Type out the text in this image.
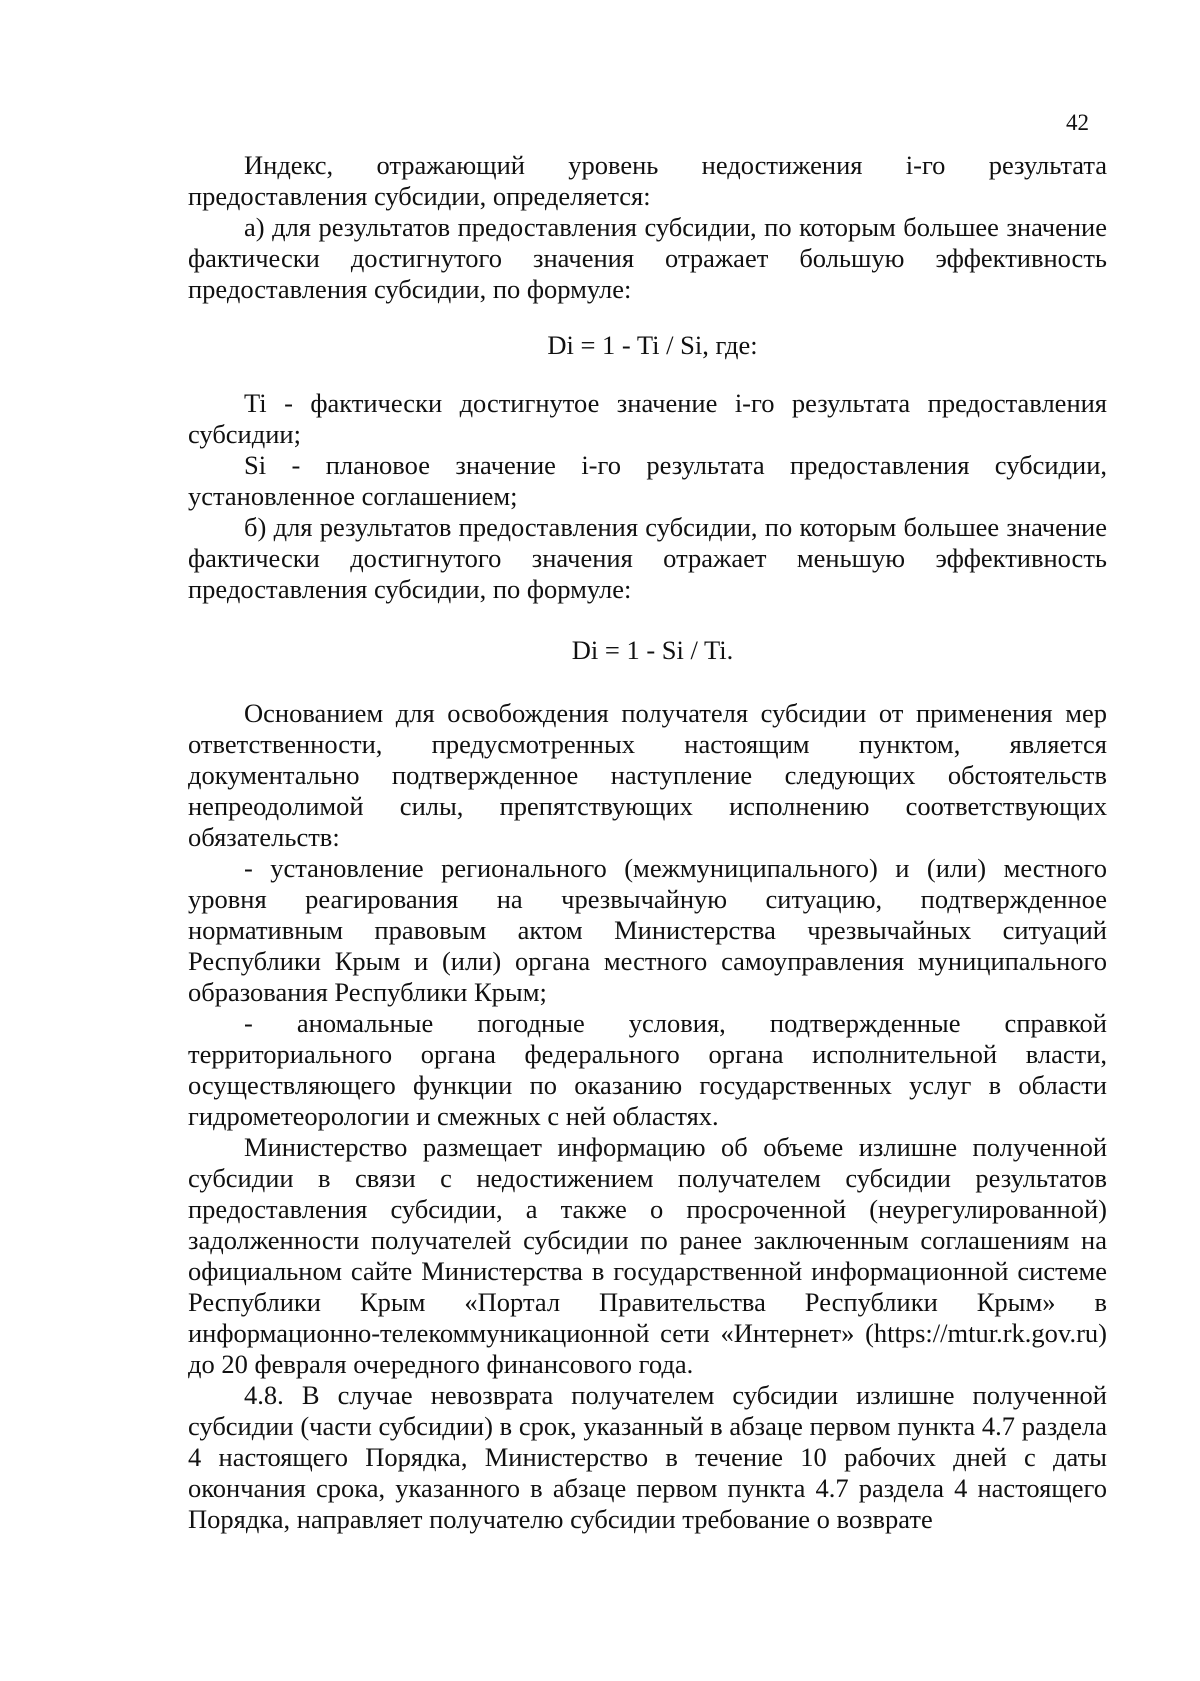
42

Индекс, отражающий уровень недостижения i-го результата предоставления субсидии, определяется:

а) для результатов предоставления субсидии, по которым большее значение фактически достигнутого значения отражает большую эффективность предоставления субсидии, по формуле:

Di = 1 - Ti / Si, где:

Ti - фактически достигнутое значение i-го результата предоставления субсидии;

Si - плановое значение i-го результата предоставления субсидии, установленное соглашением;

б) для результатов предоставления субсидии, по которым большее значение фактически достигнутого значения отражает меньшую эффективность предоставления субсидии, по формуле:

Di = 1 - Si / Ti.

Основанием для освобождения получателя субсидии от применения мер ответственности, предусмотренных настоящим пунктом, является документально подтвержденное наступление следующих обстоятельств непреодолимой силы, препятствующих исполнению соответствующих обязательств:

- установление регионального (межмуниципального) и (или) местного уровня реагирования на чрезвычайную ситуацию, подтвержденное нормативным правовым актом Министерства чрезвычайных ситуаций Республики Крым и (или) органа местного самоуправления муниципального образования Республики Крым;

- аномальные погодные условия, подтвержденные справкой территориального органа федерального органа исполнительной власти, осуществляющего функции по оказанию государственных услуг в области гидрометеорологии и смежных с ней областях.

Министерство размещает информацию об объеме излишне полученной субсидии в связи с недостижением получателем субсидии результатов предоставления субсидии, а также о просроченной (неурегулированной) задолженности получателей субсидии по ранее заключенным соглашениям на официальном сайте Министерства в государственной информационной системе Республики Крым «Портал Правительства Республики Крым» в информационно-телекоммуникационной сети «Интернет» (https://mtur.rk.gov.ru) до 20 февраля очередного финансового года.

4.8. В случае невозврата получателем субсидии излишне полученной субсидии (части субсидии) в срок, указанный в абзаце первом пункта 4.7 раздела 4 настоящего Порядка, Министерство в течение 10 рабочих дней с даты окончания срока, указанного в абзаце первом пункта 4.7 раздела 4 настоящего Порядка, направляет получателю субсидии требование о возврате
